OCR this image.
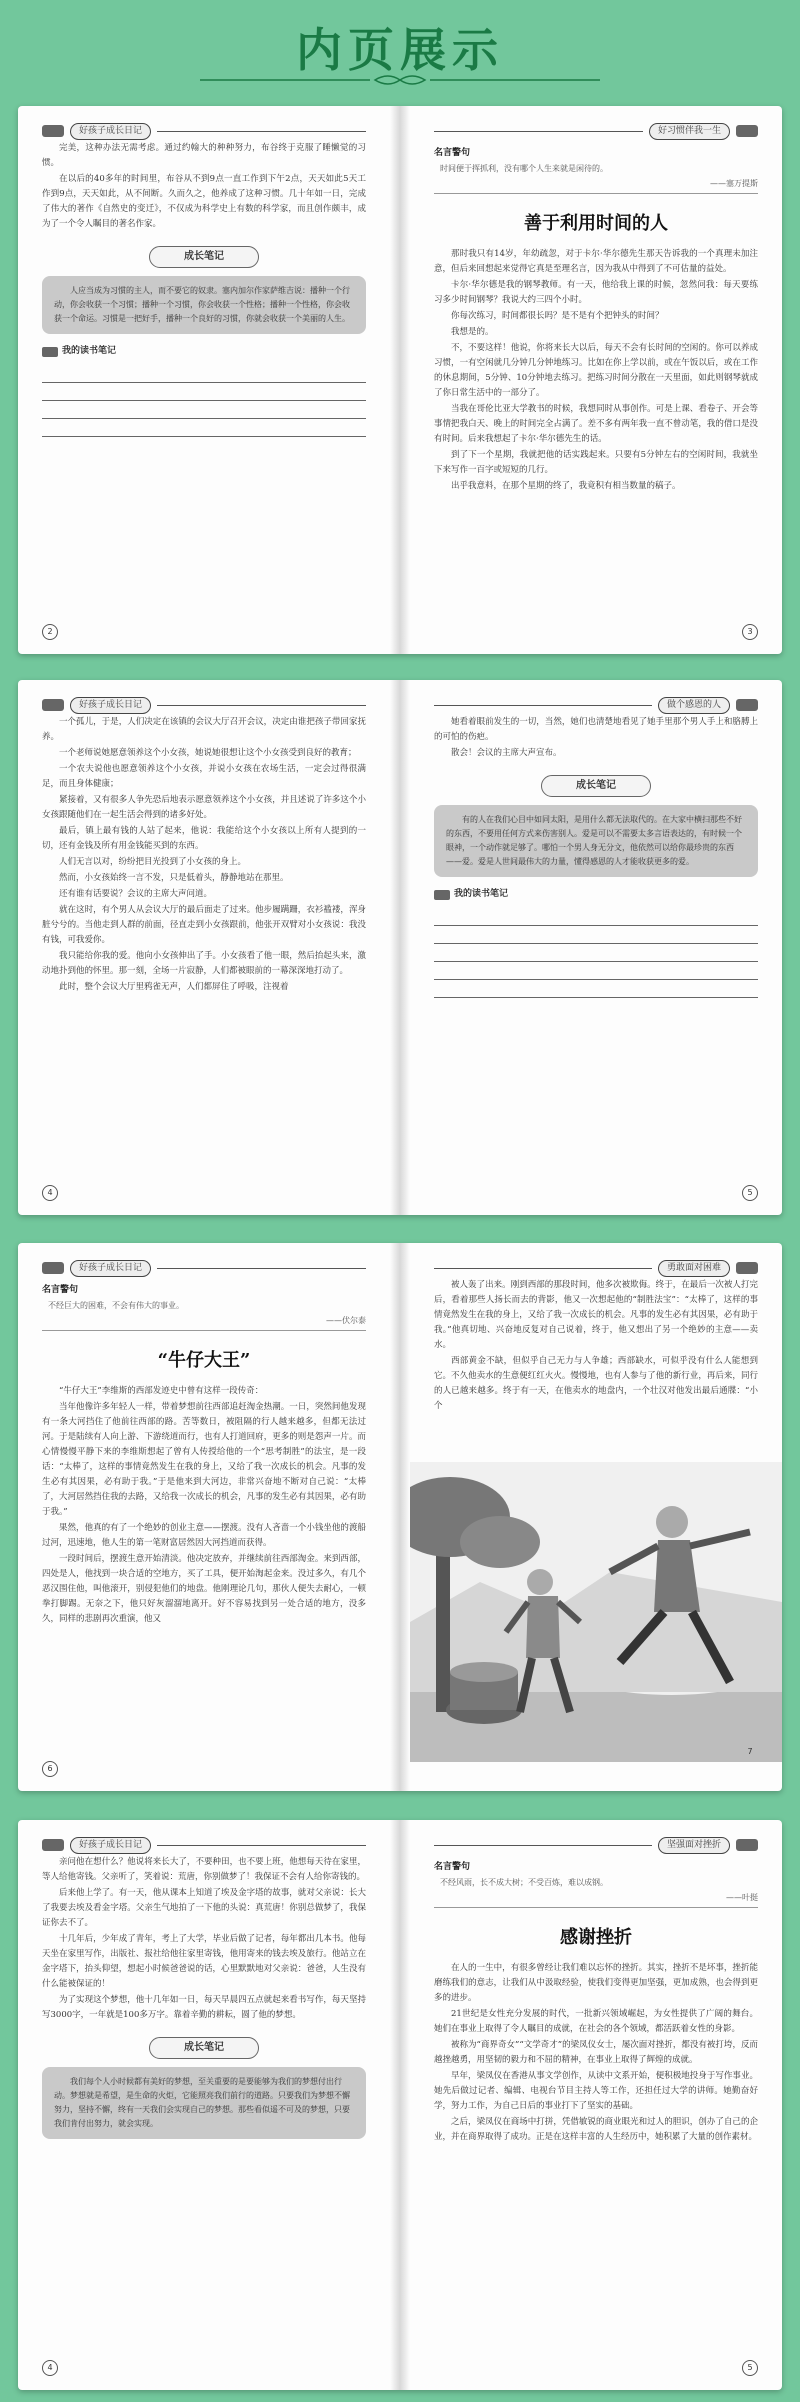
内页展示
好孩子成长日记

完美，这种办法无需考虑。通过约翰大的种种努力，布谷终于克服了睡懒觉的习惯。

在以后的40多年的时间里，布谷从不到9点一直工作到下午2点，天天如此5天工作到9点，天天如此，从不间断。久而久之，他养成了这种习惯。几十年如一日，完成了伟大的著作《自然史的变迁》，不仅成为科学史上有数的科学家，而且创作颇丰，成为了一个令人瞩目的著名作家。

成长笔记
人应当成为习惯的主人，而不要它的奴隶。塞内加尔作家萨维吉说：播种一个行动，你会收获一个习惯；播种一个习惯，你会收获一个性格；播种一个性格，你会收获一个命运。习惯是一把好手，播种一个良好的习惯，你就会收获一个美丽的人生。
我的读书笔记
2
好习惯伴我一生
名言警句
时间便于挥抓利，没有哪个人生来就是闲待的。
——塞万提斯
善于利用时间的人

那时我只有14岁，年幼疏忽，对于卡尔·华尔德先生那天告诉我的一个真理未加注意，但后来回想起来觉得它真是至理名言，因为我从中得到了不可估量的益处。

卡尔·华尔德是我的钢琴教师。有一天，他给我上课的时候，忽然问我：每天要练习多少时间钢琴？我说大约三四个小时。

你每次练习，时间都很长吗？是不是有个把钟头的时间？

我想是的。

不，不要这样！他说，你将来长大以后，每天不会有长时间的空闲的。你可以养成习惯，一有空闲就几分钟几分钟地练习。比如在你上学以前，或在午饭以后，或在工作的休息期间，5分钟、10分钟地去练习。把练习时间分散在一天里面，如此则钢琴就成了你日常生活中的一部分了。

当我在哥伦比亚大学教书的时候，我想同时从事创作。可是上课、看卷子、开会等事情把我白天、晚上的时间完全占满了。差不多有两年我一直不曾动笔，我的借口是没有时间。后来我想起了卡尔·华尔德先生的话。

到了下一个星期，我就把他的话实践起来。只要有5分钟左右的空闲时间，我就坐下来写作一百字或短短的几行。

出乎我意料，在那个星期的终了，我竟积有相当数量的稿子。

3
好孩子成长日记

一个孤儿，于是，人们决定在该镇的会议大厅召开会议，决定由谁把孩子带回家抚养。

一个老师说她愿意领养这个小女孩，她说她很想让这个小女孩受到良好的教育；

一个农夫说他也愿意领养这个小女孩，并说小女孩在农场生活，一定会过得很满足，而且身体健康；

紧接着，又有很多人争先恐后地表示愿意领养这个小女孩，并且述说了许多这个小女孩跟随他们在一起生活会得到的诸多好处。

最后，镇上最有钱的人站了起来，他说：我能给这个小女孩以上所有人提到的一切，还有金钱及所有用金钱能买到的东西。

人们无言以对，纷纷把目光投到了小女孩的身上。

然而，小女孩始终一言不发，只是低着头，静静地站在那里。

还有谁有话要说？会议的主席大声问道。

就在这时，有个男人从会议大厅的最后面走了过来。他步履蹒跚，衣衫褴褛，浑身脏兮兮的。当他走到人群的前面，径直走到小女孩跟前，他张开双臂对小女孩说：我没有钱，可我爱你。

我只能给你我的爱。他向小女孩伸出了手。小女孩看了他一眼，然后抬起头来，激动地扑到他的怀里。那一刻，全场一片寂静，人们都被眼前的一幕深深地打动了。

此时，整个会议大厅里鸦雀无声，人们都屏住了呼吸，注视着

4
做个感恩的人

她看着眼前发生的一切，当然，她们也清楚地看见了她手里那个男人手上和胳膊上的可怕的伤疤。

散会！会议的主席大声宣布。

成长笔记
有的人在我们心目中如同太阳，是用什么都无法取代的。在大家中横扫那些不好的东西，不要用任何方式来伤害别人。爱是可以不需要太多言语表达的，有时候一个眼神，一个动作就足够了。哪怕一个男人身无分文，他依然可以给你最珍贵的东西——爱。爱是人世间最伟大的力量，懂得感恩的人才能收获更多的爱。
我的读书笔记
5
好孩子成长日记
名言警句
不经巨大的困难，不会有伟大的事业。
——伏尔泰
“牛仔大王”

“牛仔大王”李维斯的西部发迹史中曾有这样一段传奇：

当年他像许多年轻人一样，带着梦想前往西部追赶淘金热潮。一日，突然间他发现有一条大河挡住了他前往西部的路。苦等数日，被阻隔的行人越来越多，但都无法过河。于是陆续有人向上游、下游绕道而行，也有人打道回府，更多的则是怨声一片。而心情慢慢平静下来的李维斯想起了曾有人传授给他的一个“思考制胜”的法宝，是一段话：“太棒了，这样的事情竟然发生在我的身上，又给了我一次成长的机会。凡事的发生必有其因果，必有助于我。”于是他来到大河边，非常兴奋地不断对自己说：“太棒了，大河居然挡住我的去路，又给我一次成长的机会，凡事的发生必有其因果，必有助于我。”

果然，他真的有了一个绝妙的创业主意——摆渡。没有人吝啬一个小钱坐他的渡船过河，迅速地，他人生的第一笔财富居然因大河挡道而获得。

一段时间后，摆渡生意开始清淡。他决定放弃，并继续前往西部淘金。来到西部，四处是人，他找到一块合适的空地方，买了工具，便开始淘起金来。没过多久，有几个恶汉围住他，叫他滚开，别侵犯他们的地盘。他刚理论几句，那伙人便失去耐心，一顿拳打脚踢。无奈之下，他只好灰溜溜地离开。好不容易找到另一处合适的地方，没多久，同样的悲剧再次重演，他又

6
勇敢面对困难

被人轰了出来。刚到西部的那段时间，他多次被欺侮。终于，在最后一次被人打完后，看着那些人扬长而去的背影，他又一次想起他的“制胜法宝”：“太棒了，这样的事情竟然发生在我的身上，又给了我一次成长的机会。凡事的发生必有其因果，必有助于我。”他真切地、兴奋地反复对自己说着，终于，他又想出了另一个绝妙的主意——卖水。

西部黄金不缺，但似乎自己无力与人争雄；西部缺水，可似乎没有什么人能想到它。不久他卖水的生意便红红火火。慢慢地，也有人参与了他的新行业，再后来，同行的人已越来越多。终于有一天，在他卖水的地盘内，一个壮汉对他发出最后通牒：“小个

7
好孩子成长日记

亲问他在想什么？他说将来长大了，不要种田，也不要上班，他想每天待在家里，等人给他寄钱。父亲听了，笑着说：荒唐，你别做梦了！我保证不会有人给你寄钱的。

后来他上学了。有一天，他从课本上知道了埃及金字塔的故事，就对父亲说：长大了我要去埃及看金字塔。父亲生气地拍了一下他的头说：真荒唐！你别总做梦了，我保证你去不了。

十几年后，少年成了青年，考上了大学，毕业后做了记者，每年都出几本书。他每天坐在家里写作，出版社、报社给他往家里寄钱，他用寄来的钱去埃及旅行。他站立在金字塔下，抬头仰望，想起小时候爸爸说的话，心里默默地对父亲说：爸爸，人生没有什么能被保证的！

为了实现这个梦想，他十几年如一日，每天早晨四五点就起来看书写作，每天坚持写3000字，一年就是100多万字。靠着辛勤的耕耘，圆了他的梦想。

成长笔记
我们每个人小时候都有美好的梦想，至关重要的是要能够为我们的梦想付出行动。梦想就是希望，是生命的火炬，它能照亮我们前行的道路。只要我们为梦想不懈努力，坚持不懈，终有一天我们会实现自己的梦想。那些看似遥不可及的梦想，只要我们肯付出努力，就会实现。
4
坚强面对挫折
名言警句
不经风雨，长不成大树；不受百炼，难以成钢。
——叶挺
感谢挫折

在人的一生中，有很多曾经让我们难以忘怀的挫折。其实，挫折不是坏事，挫折能磨练我们的意志，让我们从中汲取经验，使我们变得更加坚强，更加成熟，也会得到更多的进步。

21世纪是女性充分发展的时代，一批新兴领域崛起，为女性提供了广阔的舞台。她们在事业上取得了令人瞩目的成就，在社会的各个领域，都活跃着女性的身影。

被称为“商界奇女”“文学奇才”的梁凤仪女士，屡次面对挫折，都没有被打垮，反而越挫越勇，用坚韧的毅力和不屈的精神，在事业上取得了辉煌的成就。

早年，梁凤仪在香港从事文学创作，从读中文系开始，便积极地投身于写作事业。她先后做过记者、编辑、电视台节目主持人等工作，还担任过大学的讲师。她勤奋好学，努力工作，为自己日后的事业打下了坚实的基础。

之后，梁凤仪在商场中打拼，凭借敏锐的商业眼光和过人的胆识，创办了自己的企业，并在商界取得了成功。正是在这样丰富的人生经历中，她积累了大量的创作素材。

5
